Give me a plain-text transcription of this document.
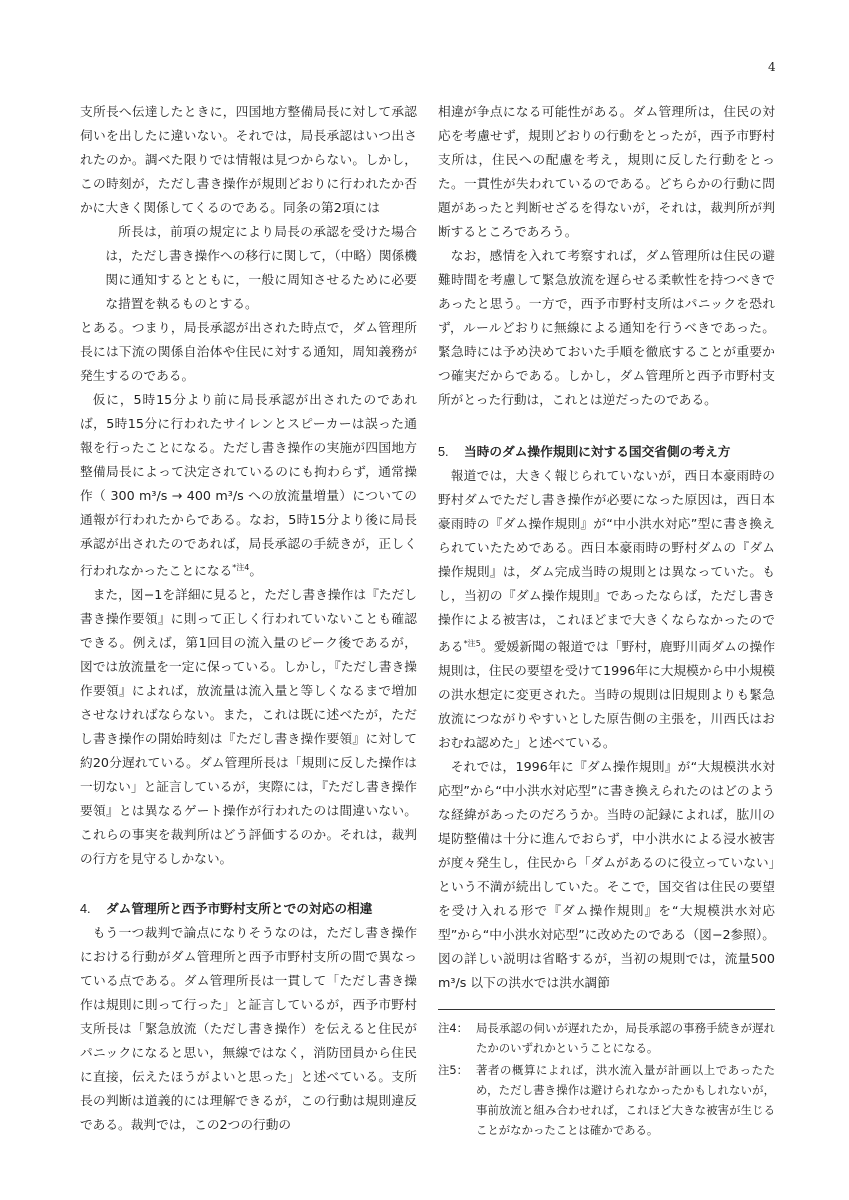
4

支所長へ伝達したときに，四国地方整備局長に対して承認伺いを出したに違いない。それでは，局長承認はいつ出されたのか。調べた限りでは情報は見つからない。しかし，この時刻が，ただし書き操作が規則どおりに行われたか否かに大きく関係してくるのである。同条の第2項には

所長は，前項の規定により局長の承認を受けた場合は，ただし書き操作への移行に関して，（中略）関係機関に通知するとともに，一般に周知させるために必要な措置を執るものとする。

とある。つまり，局長承認が出された時点で，ダム管理所長には下流の関係自治体や住民に対する通知，周知義務が発生するのである。

仮に，5時15分より前に局長承認が出されたのであれば，5時15分に行われたサイレンとスピーカーは誤った通報を行ったことになる。ただし書き操作の実施が四国地方整備局長によって決定されているのにも拘わらず，通常操作（ 300 m³/s → 400 m³/s への放流量増量）についての通報が行われたからである。なお，5時15分より後に局長承認が出されたのであれば，局長承認の手続きが，正しく行われなかったことになる$^{*注4}$。

また，図−1を詳細に見ると，ただし書き操作は『ただし書き操作要領』に則って正しく行われていないことも確認できる。例えば，第1回目の流入量のピーク後であるが，図では放流量を一定に保っている。しかし，『ただし書き操作要領』によれば，放流量は流入量と等しくなるまで増加させなければならない。また，これは既に述べたが，ただし書き操作の開始時刻は『ただし書き操作要領』に対して約20分遅れている。ダム管理所長は「規則に反した操作は一切ない」と証言しているが，実際には，『ただし書き操作要領』とは異なるゲート操作が行われたのは間違いない。これらの事実を裁判所はどう評価するのか。それは，裁判の行方を見守るしかない。

4. ダム管理所と西予市野村支所とでの対応の相違

もう一つ裁判で論点になりそうなのは，ただし書き操作における行動がダム管理所と西予市野村支所の間で異なっている点である。ダム管理所長は一貫して「ただし書き操作は規則に則って行った」と証言しているが，西予市野村支所長は「緊急放流（ただし書き操作）を伝えると住民がパニックになると思い，無線ではなく，消防団員から住民に直接，伝えたほうがよいと思った」と述べている。支所長の判断は道義的には理解できるが，この行動は規則違反である。裁判では，この2つの行動の

相違が争点になる可能性がある。ダム管理所は，住民の対応を考慮せず，規則どおりの行動をとったが，西予市野村支所は，住民への配慮を考え，規則に反した行動をとった。一貫性が失われているのである。どちらかの行動に問題があったと判断せざるを得ないが，それは，裁判所が判断するところであろう。

なお，感情を入れて考察すれば，ダム管理所は住民の避難時間を考慮して緊急放流を遅らせる柔軟性を持つべきであったと思う。一方で，西予市野村支所はパニックを恐れず，ルールどおりに無線による通知を行うべきであった。緊急時には予め決めておいた手順を徹底することが重要かつ確実だからである。しかし，ダム管理所と西予市野村支所がとった行動は，これとは逆だったのである。

5. 当時のダム操作規則に対する国交省側の考え方

報道では，大きく報じられていないが，西日本豪雨時の野村ダムでただし書き操作が必要になった原因は，西日本豪雨時の『ダム操作規則』が“中小洪水対応”型に書き換えられていたためである。西日本豪雨時の野村ダムの『ダム操作規則』は，ダム完成当時の規則とは異なっていた。もし，当初の『ダム操作規則』であったならば，ただし書き操作による被害は，これほどまで大きくならなかったのである$^{*注5}$。愛媛新聞の報道では「野村，鹿野川両ダムの操作規則は，住民の要望を受けて1996年に大規模から中小規模の洪水想定に変更された。当時の規則は旧規則よりも緊急放流につながりやすいとした原告側の主張を，川西氏はおおむね認めた」と述べている。

それでは，1996年に『ダム操作規則』が“大規模洪水対応型”から“中小洪水対応型”に書き換えられたのはどのような経緯があったのだろうか。当時の記録によれば，肱川の堤防整備は十分に進んでおらず，中小洪水による浸水被害が度々発生し，住民から「ダムがあるのに役立っていない」という不満が続出していた。そこで，国交省は住民の要望を受け入れる形で『ダム操作規則』を“大規模洪水対応型”から“中小洪水対応型”に改めたのである（図−2参照）。図の詳しい説明は省略するが，当初の規則では，流量500 m³/s 以下の洪水では洪水調節

注4： 局長承認の伺いが遅れたか，局長承認の事務手続きが遅れたかのいずれかということになる。
注5： 著者の概算によれば，洪水流入量が計画以上であったため，ただし書き操作は避けられなかったかもしれないが，事前放流と組み合わせれば，これほど大きな被害が生じることがなかったことは確かである。
